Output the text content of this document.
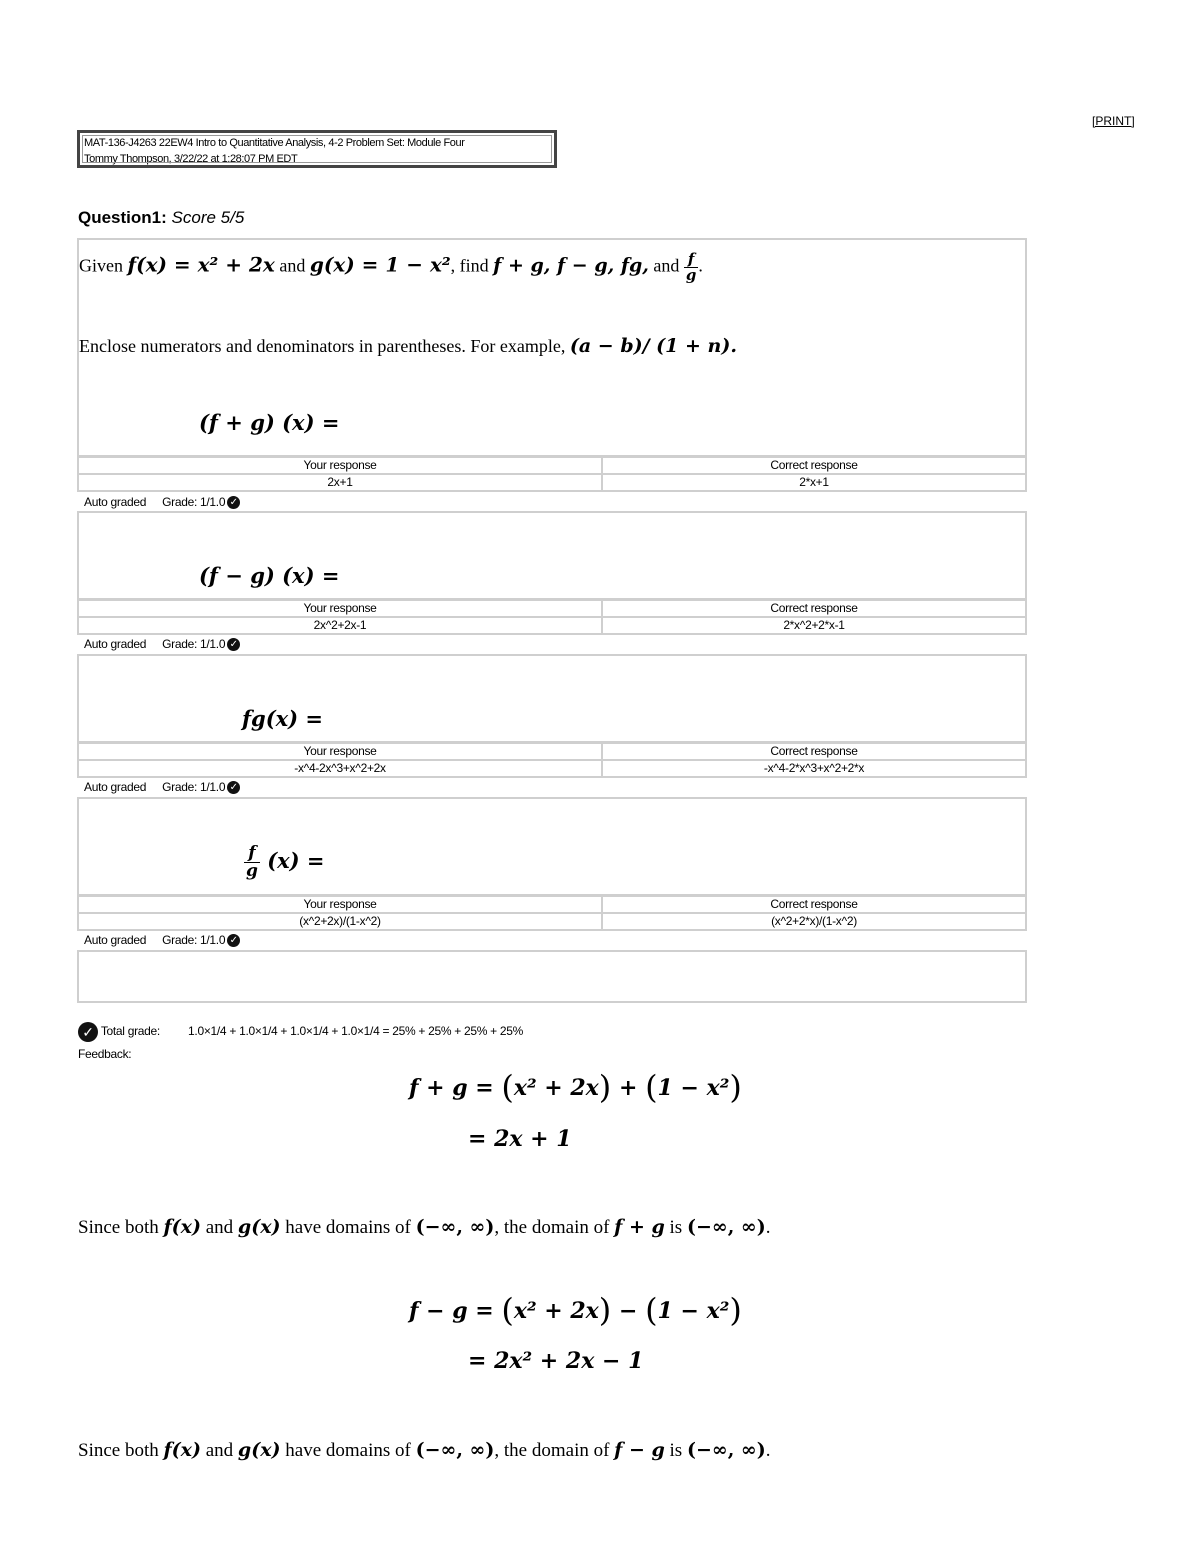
[PRINT]
MAT-136-J4263 22EW4 Intro to Quantitative Analysis, 4-2 Problem Set: Module Four
Tommy Thompson, 3/22/22 at 1:28:07 PM EDT
Question1: Score 5/5
Given f(x) = x² + 2x and g(x) = 1 − x², find f + g, f − g, fg, and $\frac{f}{g}$ .
Enclose numerators and denominators in parentheses. For example, (a − b)/ (1 + n).
(f + g) (x) =
Your response	Correct response
2x+1	2*x+1
Auto graded Grade: 1/1.0 ✓
(f − g) (x) =
Your response	Correct response
2x^2+2x-1	2*x^2+2*x-1
Auto graded Grade: 1/1.0 ✓
fg(x) =
Your response	Correct response
-x^4-2x^3+x^2+2x	-x^4-2*x^3+x^2+2*x
Auto graded Grade: 1/1.0 ✓
$\frac{f}{g} (x)$ =
Your response	Correct response
(x^2+2x)/(1-x^2)	(x^2+2*x)/(1-x^2)
Auto graded Grade: 1/1.0 ✓
✓ Total grade: 1.0×1/4 + 1.0×1/4 + 1.0×1/4 + 1.0×1/4 = 25% + 25% + 25% + 25%
Feedback:
f + g = (x² + 2x) + (1 − x²)
= 2x + 1
Since both f(x) and g(x) have domains of (−∞, ∞), the domain of f + g is (−∞, ∞).
f − g = (x² + 2x) − (1 − x²)
= 2x² + 2x − 1
Since both f(x) and g(x) have domains of (−∞, ∞), the domain of f − g is (−∞, ∞).
